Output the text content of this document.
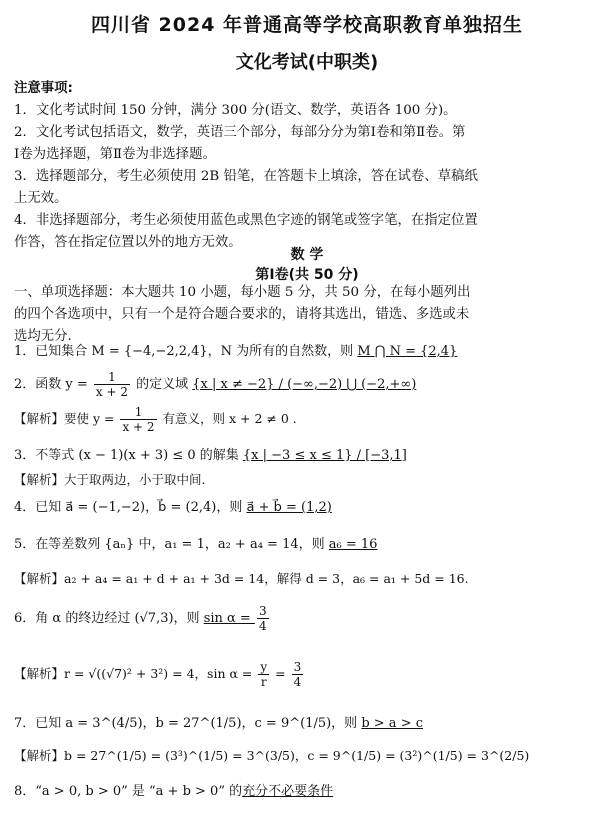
四川省 2024 年普通高等学校高职教育单独招生
文化考试(中职类)
注意事项:
1．文化考试时间 150 分钟，满分 300 分(语文、数学，英语各 100 分)。
2．文化考试包括语文，数学，英语三个部分，每部分分为第Ⅰ卷和第Ⅱ卷。第
Ⅰ卷为选择题，第Ⅱ卷为非选择题。
3．选择题部分，考生必须使用 2B 铅笔，在答题卡上填涂，答在试卷、草稿纸
上无效。
4．非选择题部分，考生必须使用蓝色或黑色字迹的钢笔或签字笔，在指定位置
作答，答在指定位置以外的地方无效。
数 学
第Ⅰ卷(共 50 分)
一、单项选择题：本大题共 10 小题，每小题 5 分，共 50 分，在每小题列出
的四个各选项中，只有一个是符合题合要求的，请将其选出，错选、多选或未
选均无分.
1．已知集合 M = {−4,−2,2,4}，N 为所有的自然数，则 M ⋂ N = {2,4}
2．函数 $y = \frac{1}{x + 2}$ 的定义域 {x | x ≠ −2} / (−∞,−2) ⋃ (−2,+∞)
【解析】要使 $y = \frac{1}{x + 2}$ 有意义，则 x + 2 ≠ 0 .
3．不等式 (x − 1)(x + 3) ≤ 0 的解集 {x | −3 ≤ x ≤ 1} / [−3,1]
【解析】大于取两边，小于取中间.
4．已知 a⃗ = (−1,−2)，b⃗ = (2,4)，则 a⃗ + b⃗ = (1,2)
5．在等差数列 {aₙ} 中，a₁ = 1，a₂ + a₄ = 14，则 a₆ = 16
【解析】a₂ + a₄ = a₁ + d + a₁ + 3d = 14，解得 d = 3，a₆ = a₁ + 5d = 16.
6．角 α 的终边经过 (√7,3)，则 $\sin \alpha = \frac{3}{4}$
【解析】r = √((√7)² + 3²) = 4，$\sin \alpha = \frac{y}{r} = \frac{3}{4}$
7．已知 a = 3^(4/5)，b = 27^(1/5)，c = 9^(1/5)，则 b > a > c
【解析】b = 27^(1/5) = (3³)^(1/5) = 3^(3/5)，c = 9^(1/5) = (3²)^(1/5) = 3^(2/5)
8．“a > 0, b > 0” 是 “a + b > 0” 的充分不必要条件
